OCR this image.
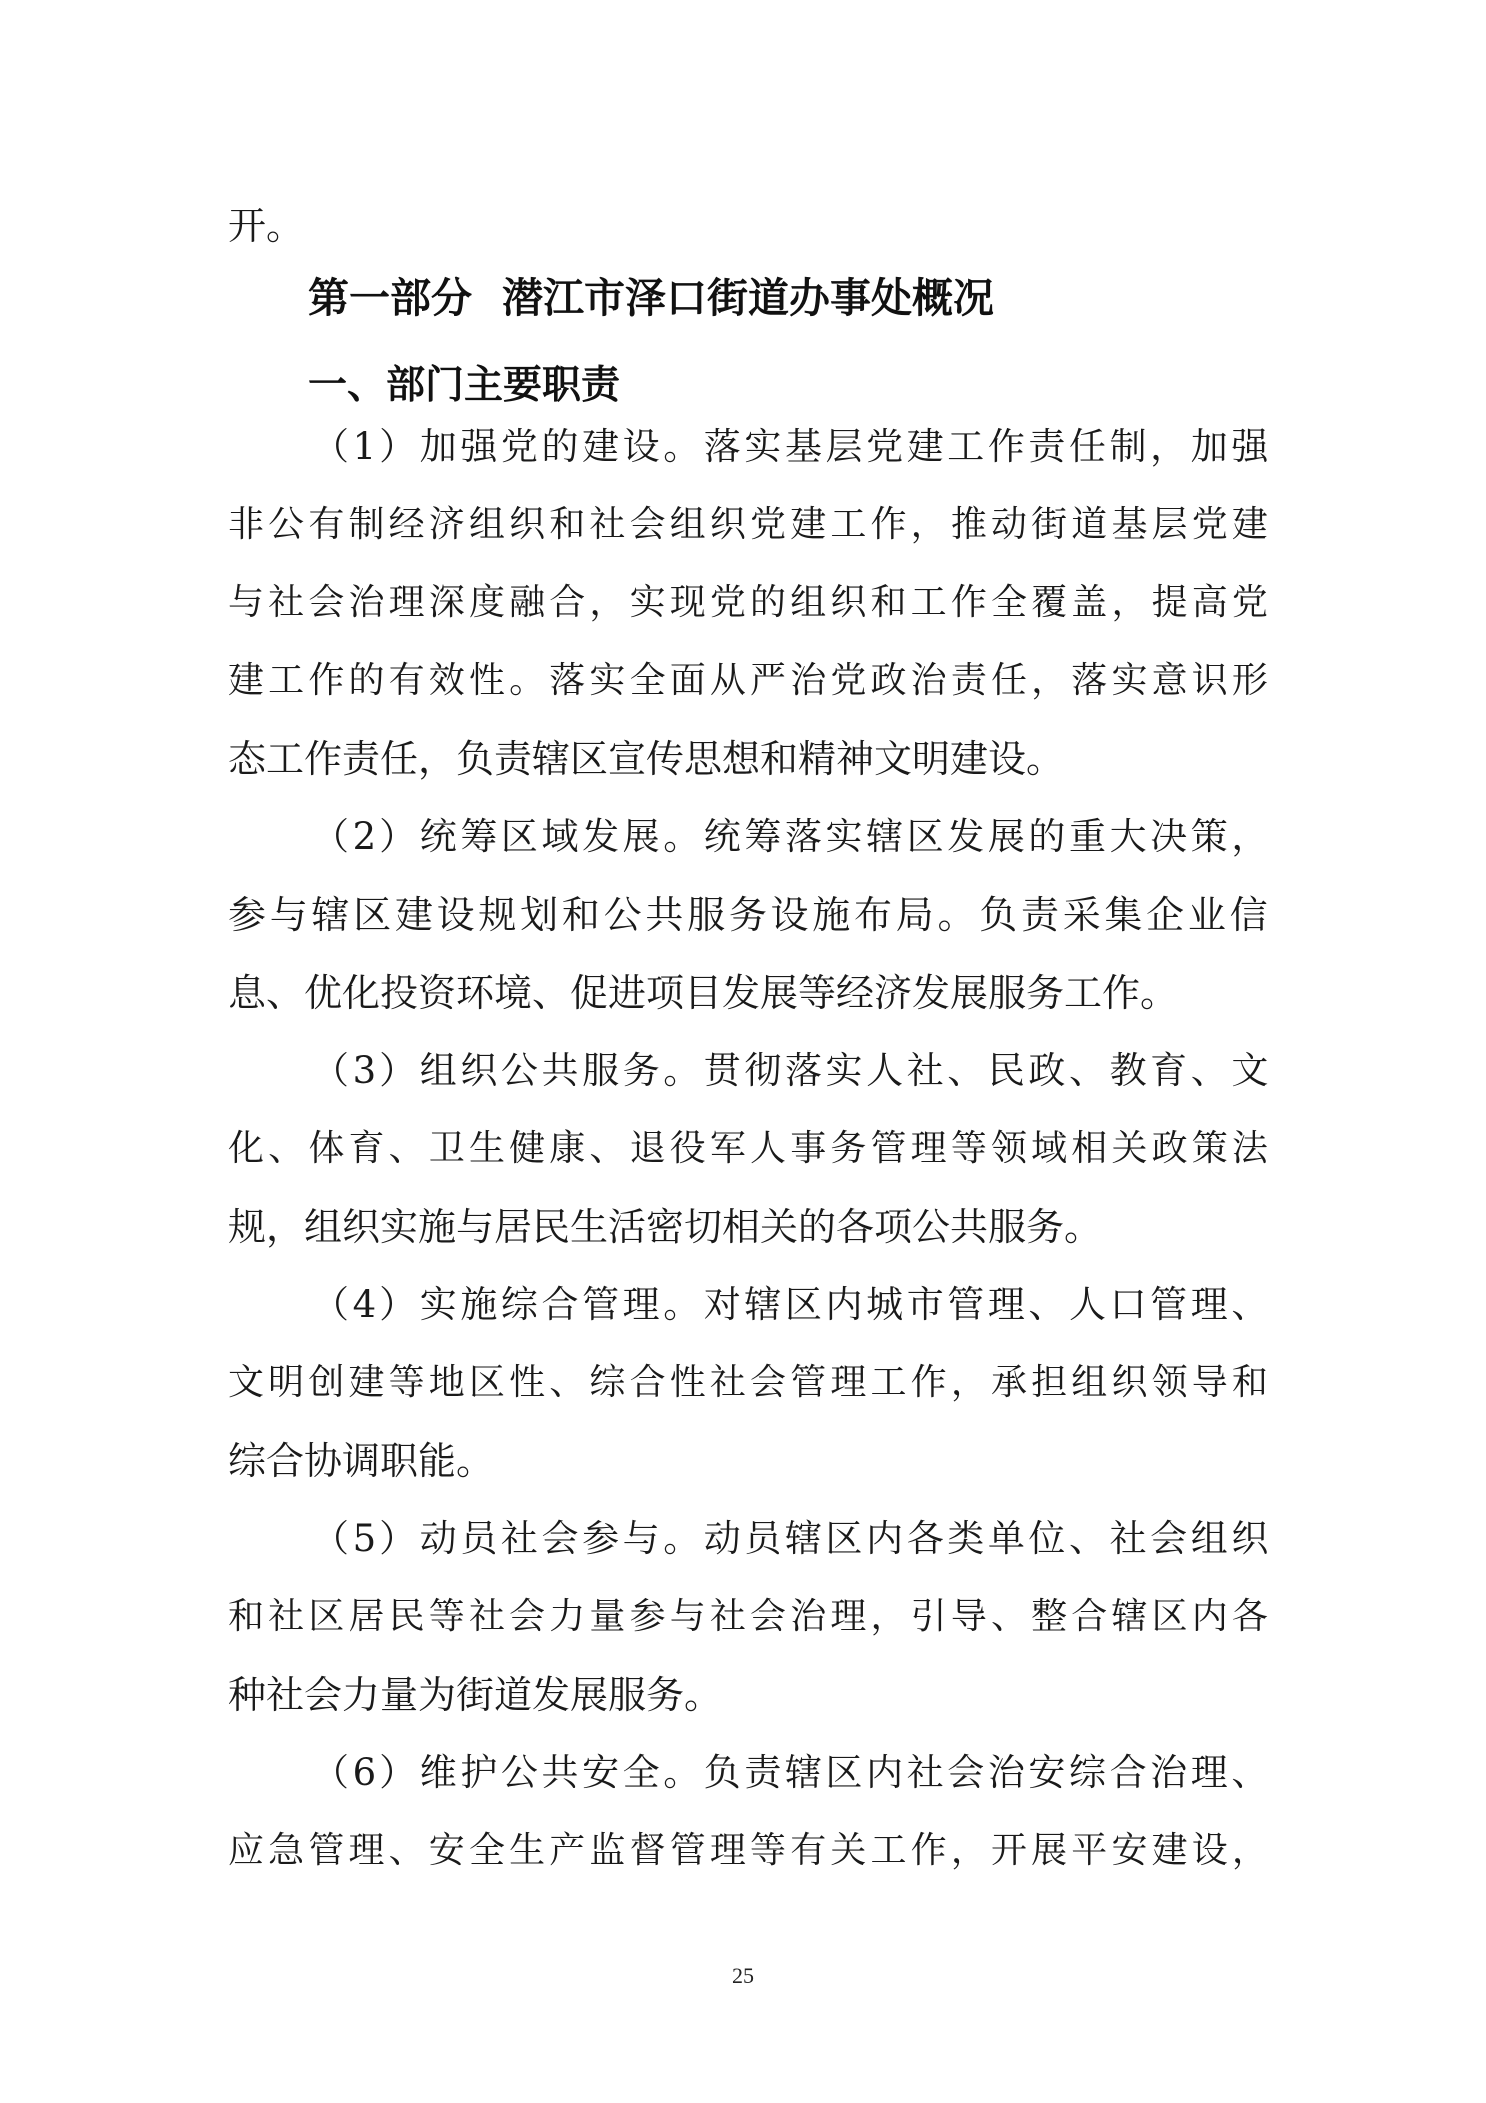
开。
第一部分 潜江市泽口街道办事处概况
一、部门主要职责
（ 1 ） 加 强 党 的 建 设 。 落 实 基 层 党 建 工 作 责 任 制 ， 加 强
非 公 有 制 经 济 组 织 和 社 会 组 织 党 建 工 作 ， 推 动 街 道 基 层 党 建
与 社 会 治 理 深 度 融 合 ， 实 现 党 的 组 织 和 工 作 全 覆 盖 ， 提 高 党
建 工 作 的 有 效 性 。 落 实 全 面 从 严 治 党 政 治 责 任 ， 落 实 意 识 形
态工作责任，负责辖区宣传思想和精神文明建设。
（ 2 ） 统 筹 区 域 发 展 。 统 筹 落 实 辖 区 发 展 的 重 大 决 策 ，
参 与 辖 区 建 设 规 划 和 公 共 服 务 设 施 布 局 。 负 责 采 集 企 业 信
息、优化投资环境、促进项目发展等经济发展服务工作。
（ 3 ） 组 织 公 共 服 务 。 贯 彻 落 实 人 社 、 民 政 、 教 育 、 文
化 、 体 育 、 卫 生 健 康 、 退 役 军 人 事 务 管 理 等 领 域 相 关 政 策 法
规，组织实施与居民生活密切相关的各项公共服务。
（ 4 ） 实 施 综 合 管 理 。 对 辖 区 内 城 市 管 理 、 人 口 管 理 、
文 明 创 建 等 地 区 性 、 综 合 性 社 会 管 理 工 作 ， 承 担 组 织 领 导 和
综合协调职能。
（ 5 ） 动 员 社 会 参 与 。 动 员 辖 区 内 各 类 单 位 、 社 会 组 织
和 社 区 居 民 等 社 会 力 量 参 与 社 会 治 理 ， 引 导 、 整 合 辖 区 内 各
种社会力量为街道发展服务。
（ 6 ） 维 护 公 共 安 全 。 负 责 辖 区 内 社 会 治 安 综 合 治 理 、
应 急 管 理 、 安 全 生 产 监 督 管 理 等 有 关 工 作 ， 开 展 平 安 建 设 ，
25
